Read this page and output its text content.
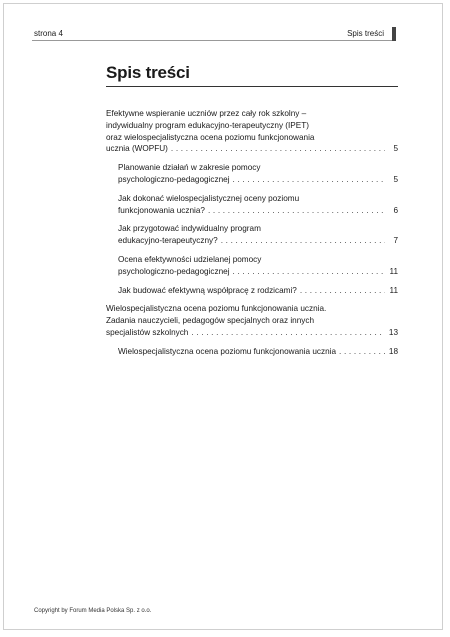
strona 4	Spis treści
Spis treści
Efektywne wspieranie uczniów przez cały rok szkolny –
indywidualny program edukacyjno-terapeutyczny (IPET)
oraz wielospecjalistyczna ocena poziomu funkcjonowania
ucznia (WOPFU) . . .	5
Planowanie działań w zakresie pomocy
psychologiczno-pedagogicznej . . .	5
Jak dokonać wielospecjalistycznej oceny poziomu
funkcjonowania ucznia? . . .	6
Jak przygotować indywidualny program
edukacyjno-terapeutyczny? . . .	7
Ocena efektywności udzielanej pomocy
psychologiczno-pedagogicznej . . .	11
Jak budować efektywną współpracę z rodzicami? . . .	11
Wielospecjalistyczna ocena poziomu funkcjonowania ucznia.
Zadania nauczycieli, pedagogów specjalnych oraz innych
specjalistów szkolnych . . .	13
Wielospecjalistyczna ocena poziomu funkcjonowania ucznia . . .	18
Copyright by Forum Media Polska Sp. z o.o.
